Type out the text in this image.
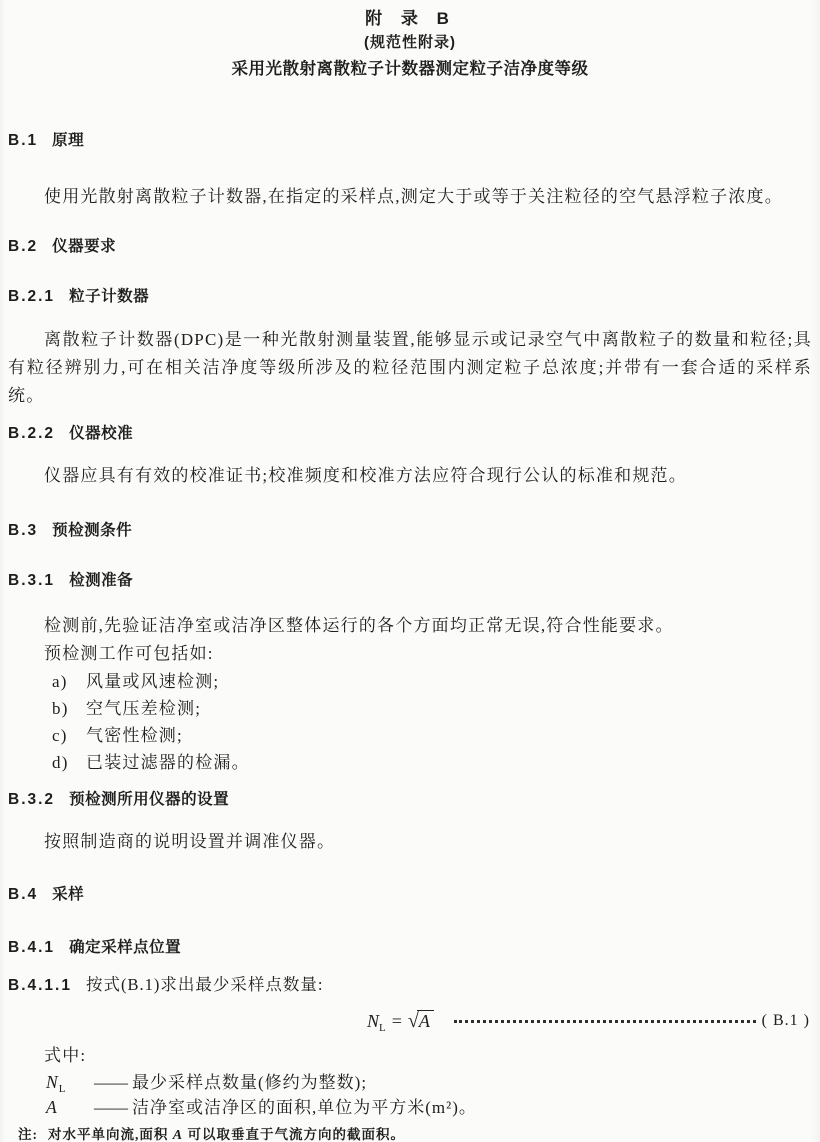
附 录 B
(规范性附录)
采用光散射离散粒子计数器测定粒子洁净度等级
B.1 原理

使用光散射离散粒子计数器,在指定的采样点,测定大于或等于关注粒径的空气悬浮粒子浓度。

B.2 仪器要求
B.2.1 粒子计数器

离散粒子计数器(DPC)是一种光散射测量装置,能够显示或记录空气中离散粒子的数量和粒径;具有粒径辨别力,可在相关洁净度等级所涉及的粒径范围内测定粒子总浓度;并带有一套合适的采样系统。

B.2.2 仪器校准

仪器应具有有效的校准证书;校准频度和校准方法应符合现行公认的标准和规范。

B.3 预检测条件
B.3.1 检测准备

检测前,先验证洁净室或洁净区整体运行的各个方面均正常无误,符合性能要求。

预检测工作可包括如:

a)	风量或风速检测;
b)	空气压差检测;
c)	气密性检测;
d)	已装过滤器的检漏。
B.3.2 预检测所用仪器的设置

按照制造商的说明设置并调准仪器。

B.4 采样
B.4.1 确定采样点位置
B.4.1.1 按式(B.1)求出最少采样点数量:
$N_L = √A$	( B.1 )

式中:

$N_L$	—— 最少采样点数量(修约为整数);
A	—— 洁净室或洁净区的面积,单位为平方米(m²)。
注: 对水平单向流,面积 A 可以取垂直于气流方向的截面积。
